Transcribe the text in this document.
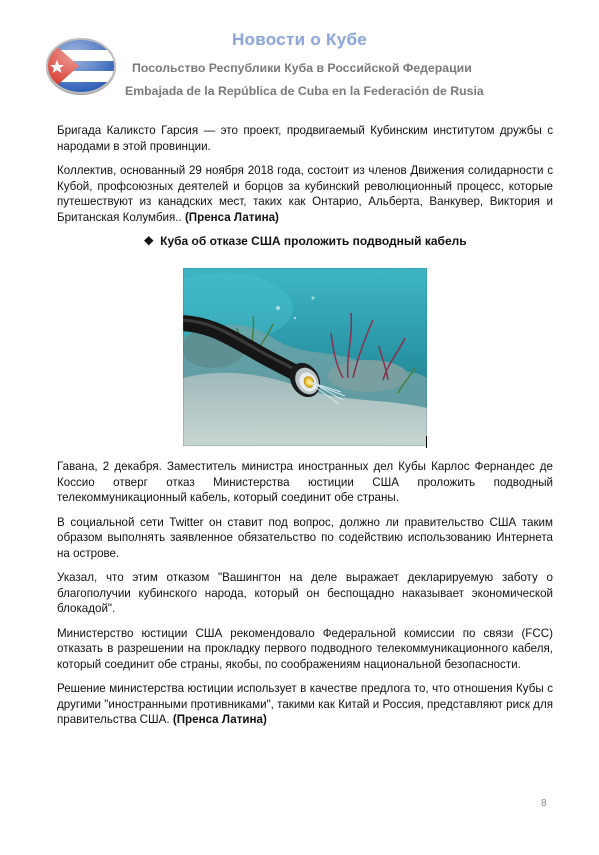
Новости о Кубе
Посольство Республики Куба в Российской Федерации
Embajada de la República de Cuba en la Federación de Rusia

Бригада Каликсто Гарсия — это проект, продвигаемый Кубинским институтом дружбы с народами в этой провинции.

Коллектив, основанный 29 ноября 2018 года, состоит из членов Движения солидарности с Кубой, профсоюзных деятелей и борцов за кубинский революционный процесс, которые путешествуют из канадских мест, таких как Онтарио, Альберта, Ванкувер, Виктория и Британская Колумбия.. (Пренса Латина)

❖ Куба об отказе США проложить подводный кабель

Гавана, 2 декабря. Заместитель министра иностранных дел Кубы Карлос Фернандес де Коссио отверг отказ Министерства юстиции США проложить подводный телекоммуникационный кабель, который соединит обе страны.

В социальной сети Twitter он ставит под вопрос, должно ли правительство США таким образом выполнять заявленное обязательство по содействию использованию Интернета на острове.

Указал, что этим отказом "Вашингтон на деле выражает декларируемую заботу о благополучии кубинского народа, который он беспощадно наказывает экономической блокадой".

Министерство юстиции США рекомендовало Федеральной комиссии по связи (FCC) отказать в разрешении на прокладку первого подводного телекоммуникационного кабеля, который соединит обе страны, якобы, по соображениям национальной безопасности.

Решение министерства юстиции использует в качестве предлога то, что отношения Кубы с другими "иностранными противниками", такими как Китай и Россия, представляют риск для правительства США. (Пренса Латина)

8
